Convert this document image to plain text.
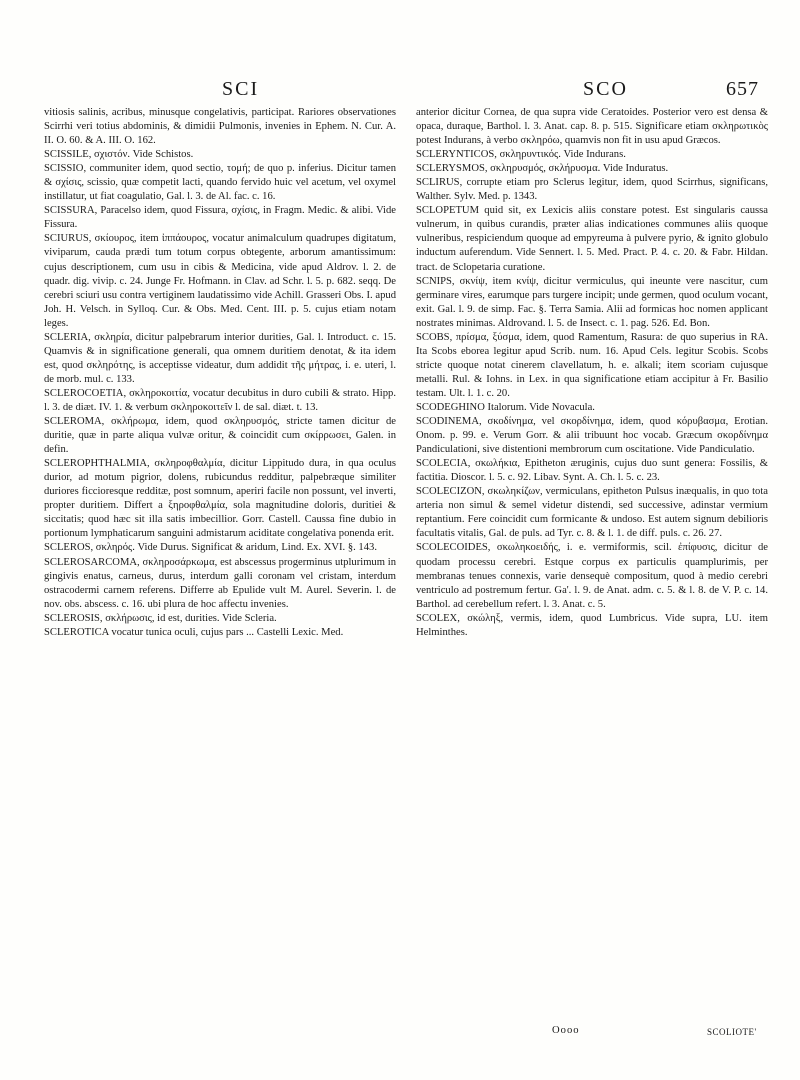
SCI	SCO	657

vitiosis salinis, acribus, minusque congelativis, participat. Rariores observationes Scirrhi veri totius abdominis, & dimidii Pulmonis, invenies in Ephem. N. Cur. A. II. O. 60. & A. III. O. 162.

SCISSILE, σχιστόν. Vide Schistos.

SCISSIO, communiter idem, quod sectio, τομή; de quo p. inferius. Dicitur tamen & σχίσις, scissio, quæ competit lacti, quando fervido huic vel acetum, vel oxymel instillatur, ut fiat coagulatio, Gal. l. 3. de Al. fac. c. 16.

SCISSURA, Paracelso idem, quod Fissura, σχίσις, in Fragm. Medic. & alibi. Vide Fissura.

SCIURUS, σκίουρος, item ἰππάουρος, vocatur animalculum quadrupes digitatum, viviparum, cauda prædi tum totum corpus obtegente, arborum amantissimum: cujus descriptionem, cum usu in cibis & Medicina, vide apud Aldrov. l. 2. de quadr. dig. vivip. c. 24. Junge Fr. Hofmann. in Clav. ad Schr. l. 5. p. 682. seqq. De cerebri sciuri usu contra vertiginem laudatissimo vide Achill. Grasseri Obs. I. apud Joh. H. Velsch. in Sylloq. Cur. & Obs. Med. Cent. III. p. 5. cujus etiam notam leges.

SCLERIA, σκληρία, dicitur palpebrarum interior durities, Gal. l. Introduct. c. 15. Quamvis & in significatione generali, qua omnem duritiem denotat, & ita idem est, quod σκληρότης, is acceptisse videatur, dum addidit τῆς μήτρας, i. e. uteri, l. de morb. mul. c. 133.

SCLEROCOETIA, σκληροκοιτία, vocatur decubitus in duro cubili & strato. Hipp. l. 3. de diæt. IV. 1. & verbum σκληροκοιτεῖν l. de sal. diæt. t. 13.

SCLEROMA, σκλήρωμα, idem, quod σκληρυσμός, stricte tamen dicitur de duritie, quæ in parte aliqua vulvæ oritur, & coincidit cum σκίρρωσει, Galen. in defin.

SCLEROPHTHALMIA, σκληροφθαλμία, dicitur Lippitudo dura, in qua oculus durior, ad motum pigrior, dolens, rubicundus redditur, palpebræque similiter duriores ficcioresque redditæ, post somnum, aperiri facile non possunt, vel inverti, propter duritiem. Differt a ξηροφθαλμία, sola magnitudine doloris, duritiei & siccitatis; quod hæc sit illa satis imbecillior. Gorr. Castell. Caussa fine dubio in portionum lymphaticarum sanguini admistarum aciditate congelativa ponenda erit.

SCLEROS, σκληρός. Vide Durus. Significat & aridum, Lind. Ex. XVI. §. 143.

SCLEROSARCOMA, σκληροσάρκωμα, est abscessus progerminus utplurimum in gingivis enatus, carneus, durus, interdum galli coronam vel cristam, interdum ostracodermi carnem referens. Differre ab Epulide vult M. Aurel. Severin. l. de nov. obs. abscess. c. 16. ubi plura de hoc affectu invenies.

SCLEROSIS, σκλήρωσις, id est, durities. Vide Scleria.

SCLEROTICA vocatur tunica oculi, cujus pars ... Castelli Lexic. Med.

anterior dicitur Cornea, de qua supra vide Ceratoides. Posterior vero est densa & opaca, duraque, Barthol. l. 3. Anat. cap. 8. p. 515. Significare etiam σκληρωτικὸς potest Indurans, à verbo σκληρόω, quamvis non fit in usu apud Græcos.

SCLERYNTICOS, σκληρυντικός. Vide Indurans.

SCLERYSMOS, σκληρυσμός, σκλήρυσμα. Vide Induratus.

SCLIRUS, corrupte etiam pro Sclerus legitur, idem, quod Scirrhus, significans, Walther. Sylv. Med. p. 1343.

SCLOPETUM quid sit, ex Lexicis aliis constare potest. Est singularis caussa vulnerum, in quibus curandis, præter alias indicationes communes aliis quoque vulneribus, respiciendum quoque ad empyreuma à pulvere pyrio, & ignito globulo inductum auferendum. Vide Sennert. l. 5. Med. Pract. P. 4. c. 20. & Fabr. Hildan. tract. de Sclopetaria curatione.

SCNIPS, σκνίψ, item κνίψ, dicitur vermiculus, qui ineunte vere nascitur, cum germinare vires, earumque pars turgere incipit; unde germen, quod oculum vocant, exit. Gal. l. 9. de simp. Fac. §. Terra Samia. Alii ad formicas hoc nomen applicant nostrates minimas. Aldrovand. l. 5. de Insect. c. 1. pag. 526. Ed. Bon.

SCOBS, πρίσμα, ξύσμα, idem, quod Ramentum, Rasura: de quo superius in RA. Ita Scobs eborea legitur apud Scrib. num. 16. Apud Cels. legitur Scobis. Scobs stricte quoque notat cinerem clavellatum, h. e. alkali; item scoriam cujusque metalli. Rul. & Iohns. in Lex. in qua significatione etiam accipitur à Fr. Basilio testam. Ult. l. 1. c. 20.

SCODEGHINO Italorum. Vide Novacula.

SCODINEMA, σκοδίνημα, vel σκορδίνημα, idem, quod κόρυβασμα, Erotian. Onom. p. 99. e. Verum Gorr. & alii tribuunt hoc vocab. Græcum σκορδίνημα Pandiculationi, sive distentioni membrorum cum oscitatione. Vide Pandiculatio.

SCOLECIA, σκωλήκια, Epitheton æruginis, cujus duo sunt genera: Fossilis, & factitia. Dioscor. l. 5. c. 92. Libav. Synt. A. Ch. l. 5. c. 23.

SCOLECIZON, σκωληκίζων, vermiculans, epitheton Pulsus inæqualis, in quo tota arteria non simul & semel videtur distendi, sed successive, adinstar vermium reptantium. Fere coincidit cum formicante & undoso. Est autem signum debilioris facultatis vitalis, Gal. de puls. ad Tyr. c. 8. & l. 1. de diff. puls. c. 26. 27.

SCOLECOIDES, σκωληκοειδής, i. e. vermiformis, scil. ἐπίφυσις, dicitur de quodam processu cerebri. Estque corpus ex particulis quamplurimis, per membranas tenues connexis, varie densequè compositum, quod à medio cerebri ventriculo ad postremum fertur. Ga'. l. 9. de Anat. adm. c. 5. & l. 8. de V. P. c. 14. Barthol. ad cerebellum refert. l. 3. Anat. c. 5.

SCOLEX, σκώληξ, vermis, idem, quod Lumbricus. Vide supra, LU. item Helminthes.

Oooo	SCOLIOTE'
